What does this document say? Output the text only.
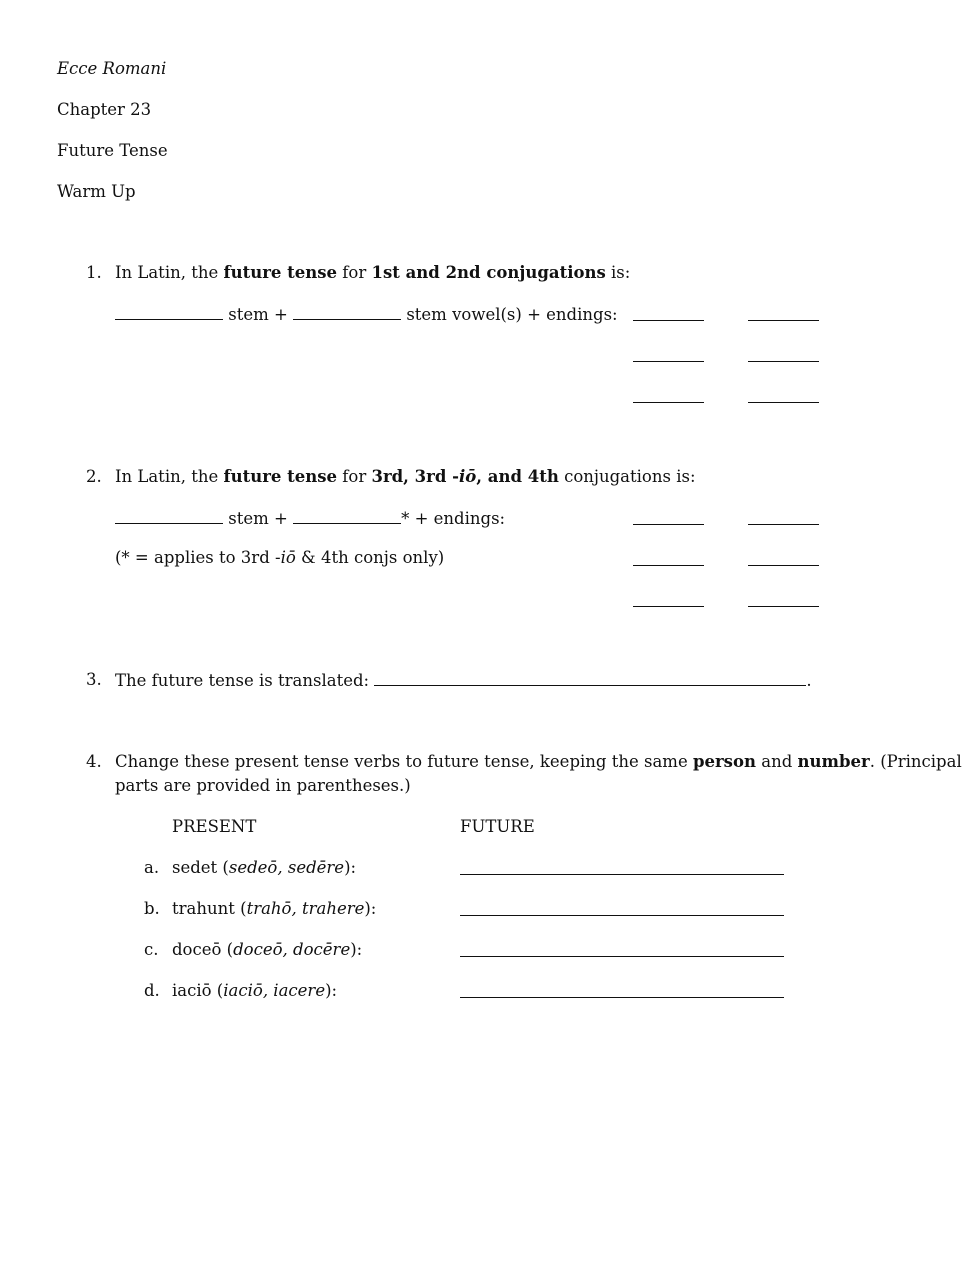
Ecce Romani
Chapter 23
Future Tense
Warm Up
1. In Latin, the future tense for 1st and 2nd conjugations is:
stem +	stem vowel(s) + endings:
2. In Latin, the future tense for 3rd, 3rd -iō, and 4th conjugations is:
stem +	* + endings:
(* = applies to 3rd -iō & 4th conjs only)
3. The future tense is translated:	.
4. Change these present tense verbs to future tense, keeping the same person and number. (Principal
parts are provided in parentheses.)
PRESENT	FUTURE
a. sedet (sedeō, sedēre):
b. trahunt (trahō, trahere):
c. doceō (doceō, docēre):
d. iaciō (iaciō, iacere):
